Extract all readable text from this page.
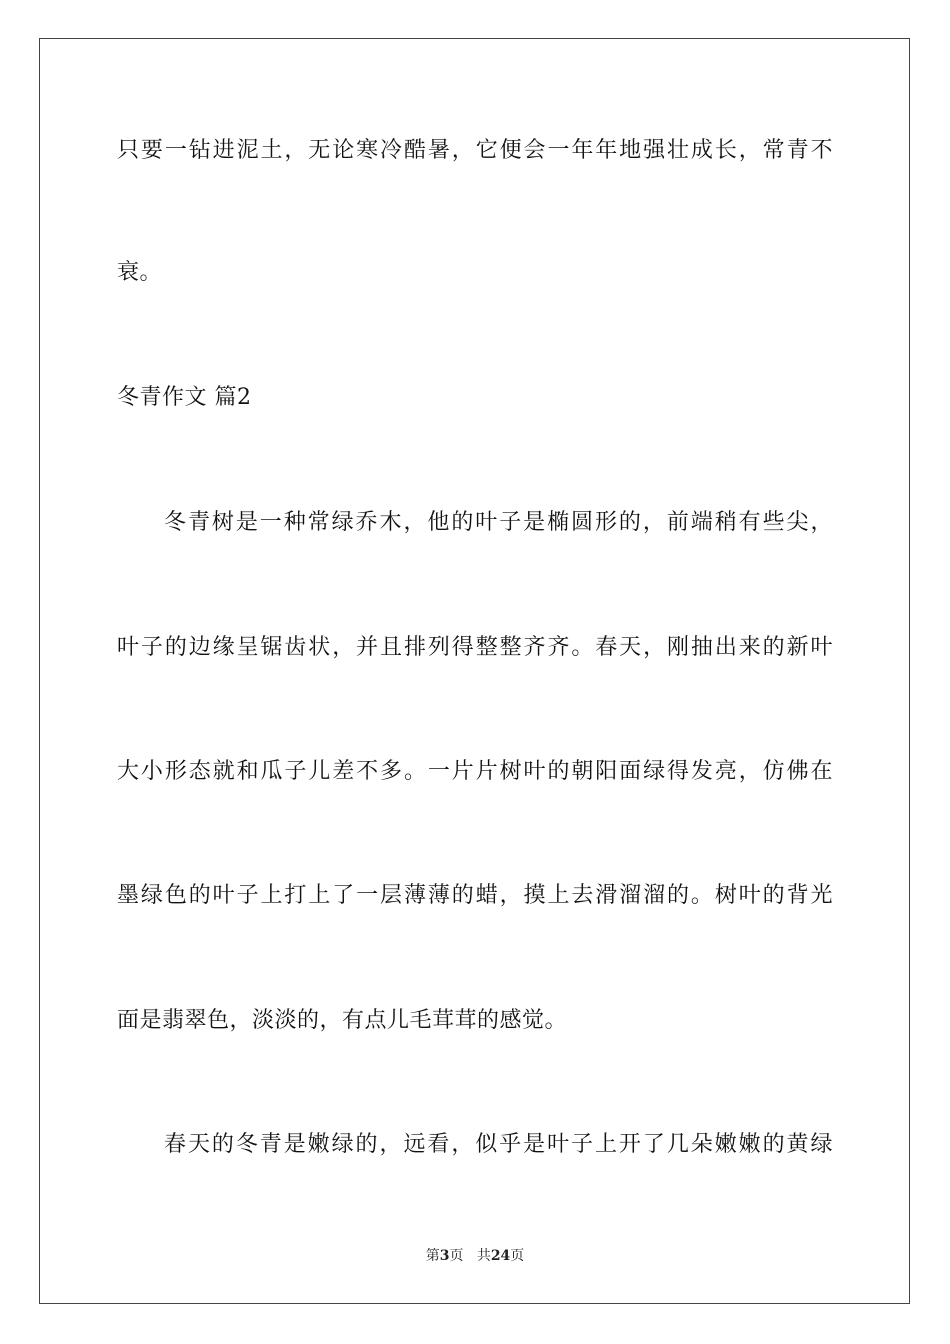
只要一钻进泥土，无论寒冷酷暑，它便会一年年地强壮成长，常青不
衰。
冬青作文 篇2
冬青树是一种常绿乔木，他的叶子是椭圆形的，前端稍有些尖，
叶子的边缘呈锯齿状，并且排列得整整齐齐。春天，刚抽出来的新叶
大小形态就和瓜子儿差不多。一片片树叶的朝阳面绿得发亮，仿佛在
墨绿色的叶子上打上了一层薄薄的蜡，摸上去滑溜溜的。树叶的背光
面是翡翠色，淡淡的，有点儿毛茸茸的感觉。
春天的冬青是嫩绿的，远看，似乎是叶子上开了几朵嫩嫩的黄绿
第3页 共24页
